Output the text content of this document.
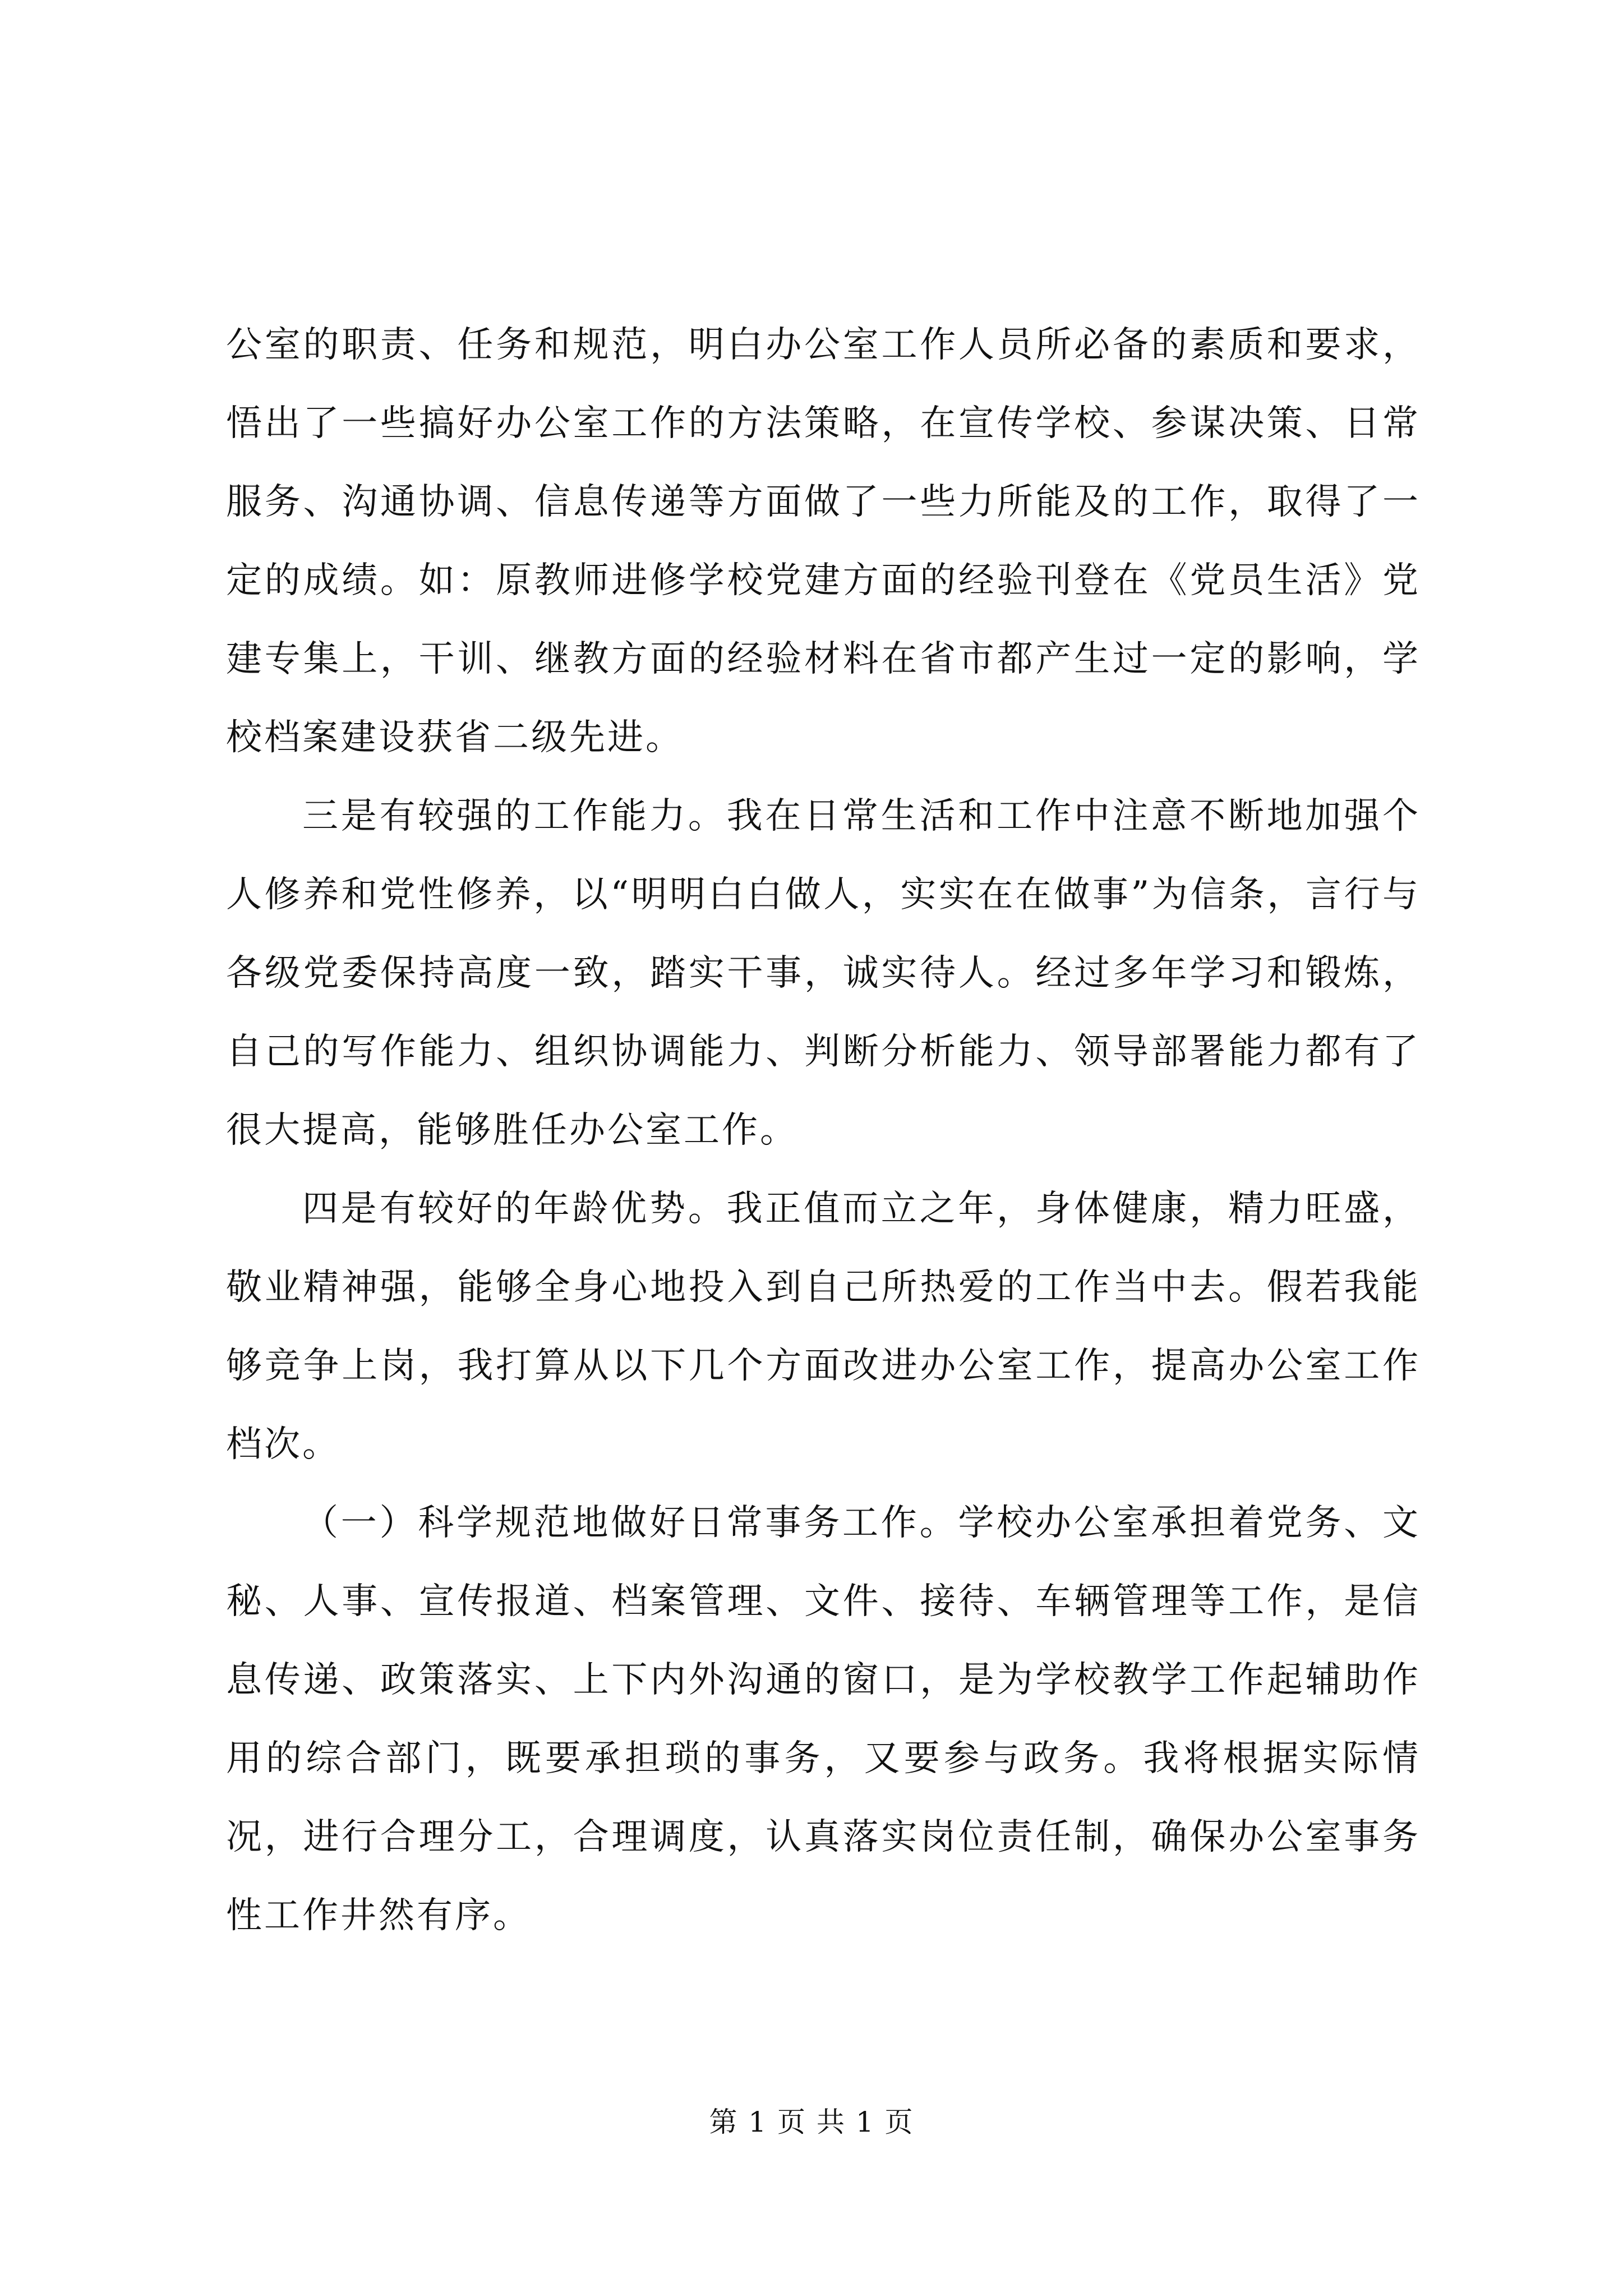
公室的职责、任务和规范，明白办公室工作人员所必备的素质和要求，悟出了一些搞好办公室工作的方法策略，在宣传学校、参谋决策、日常服务、沟通协调、信息传递等方面做了一些力所能及的工作，取得了一定的成绩。如：原教师进修学校党建方面的经验刊登在《党员生活》党建专集上，干训、继教方面的经验材料在省市都产生过一定的影响，学校档案建设获省二级先进。

三是有较强的工作能力。我在日常生活和工作中注意不断地加强个人修养和党性修养，以“明明白白做人，实实在在做事”为信条，言行与各级党委保持高度一致，踏实干事，诚实待人。经过多年学习和锻炼，自己的写作能力、组织协调能力、判断分析能力、领导部署能力都有了很大提高，能够胜任办公室工作。

四是有较好的年龄优势。我正值而立之年，身体健康，精力旺盛，敬业精神强，能够全身心地投入到自己所热爱的工作当中去。假若我能够竞争上岗，我打算从以下几个方面改进办公室工作，提高办公室工作档次。

（一）科学规范地做好日常事务工作。学校办公室承担着党务、文秘、人事、宣传报道、档案管理、文件、接待、车辆管理等工作，是信息传递、政策落实、上下内外沟通的窗口，是为学校教学工作起辅助作用的综合部门，既要承担琐的事务，又要参与政务。我将根据实际情况，进行合理分工，合理调度，认真落实岗位责任制，确保办公室事务性工作井然有序。

第 1 页 共 1 页
